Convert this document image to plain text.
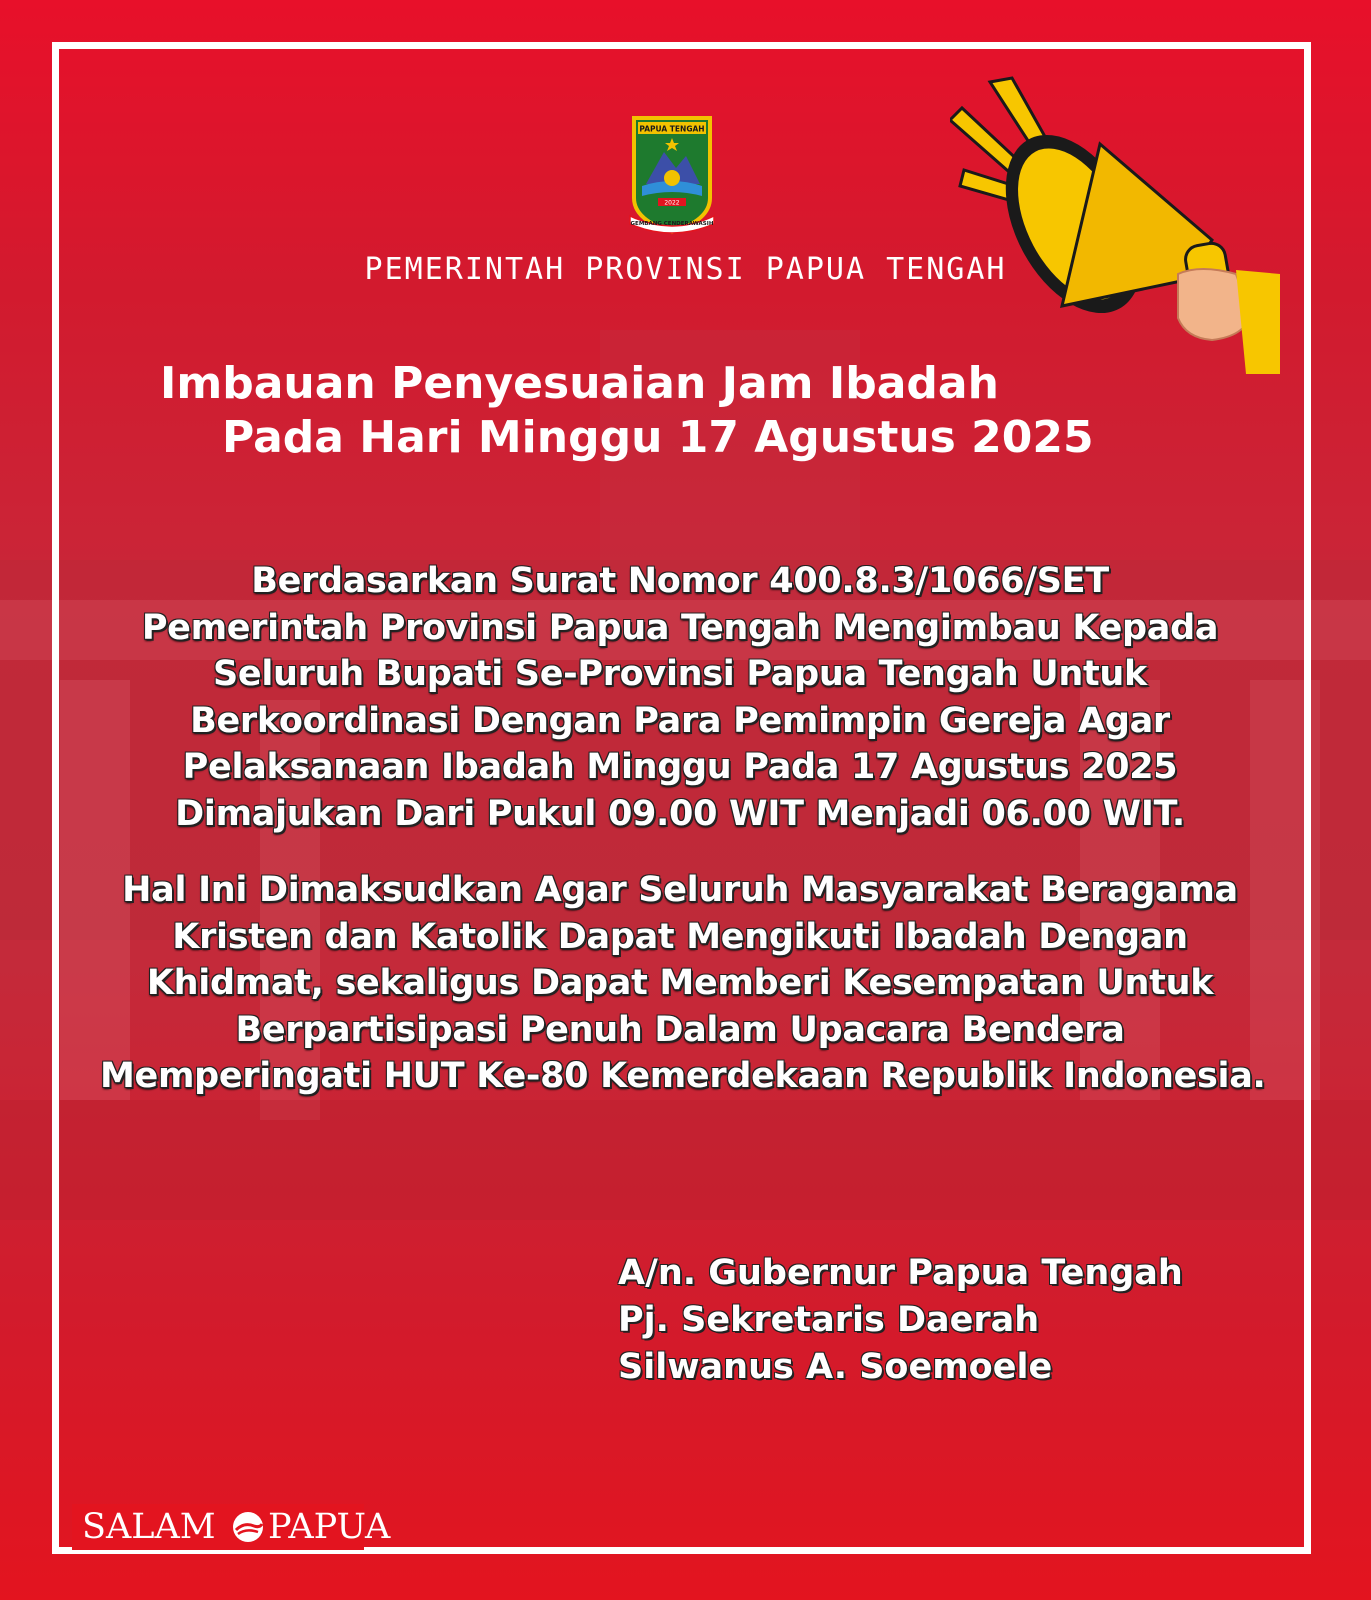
PAPUA TENGAH
2022
GEMBANG CENDERAWASIH
PEMERINTAH PROVINSI PAPUA TENGAH
Imbauan Penyesuaian Jam Ibadah
Pada Hari Minggu 17 Agustus 2025
Berdasarkan Surat Nomor 400.8.3/1066/SET
Pemerintah Provinsi Papua Tengah Mengimbau Kepada
Seluruh Bupati Se-Provinsi Papua Tengah Untuk
Berkoordinasi Dengan Para Pemimpin Gereja Agar
Pelaksanaan Ibadah Minggu Pada 17 Agustus 2025
Dimajukan Dari Pukul 09.00 WIT Menjadi 06.00 WIT.
Hal Ini Dimaksudkan Agar Seluruh Masyarakat Beragama
Kristen dan Katolik Dapat Mengikuti Ibadah Dengan
Khidmat, sekaligus Dapat Memberi Kesempatan Untuk
Berpartisipasi Penuh Dalam Upacara Bendera
Memperingati HUT Ke-80 Kemerdekaan Republik Indonesia.
A/n. Gubernur Papua Tengah
Pj. Sekretaris Daerah
Silwanus A. Soemoele
SALAM PAPUA
